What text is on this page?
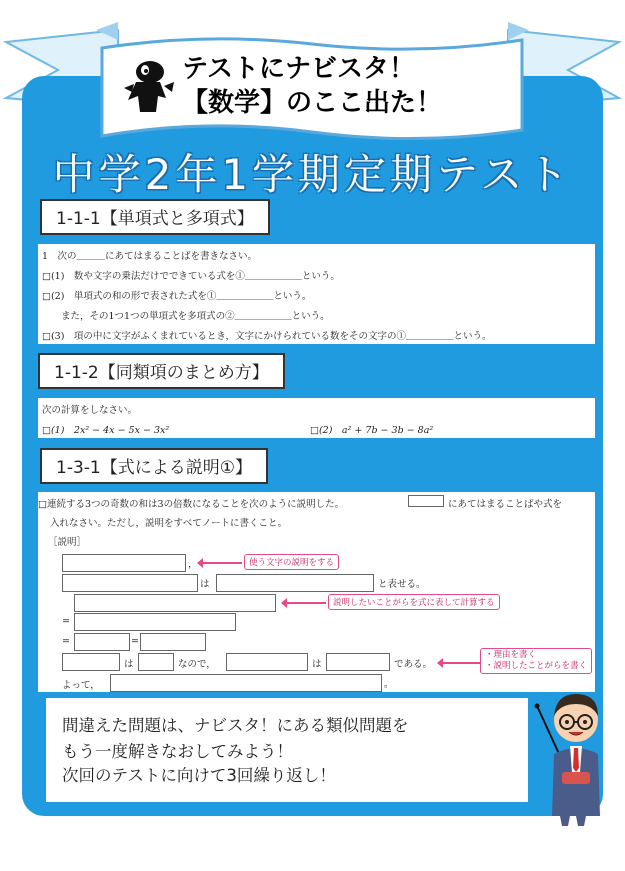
テストにナビスタ！
【数学】のここ出た！
中学2年1学期定期テスト
1-1-1【単項式と多項式】
1　次の＿＿＿にあてはまることばを書きなさい。
□(1)　数や文字の乗法だけでできている式を①＿＿＿＿＿＿という。
□(2)　単項式の和の形で表された式を①＿＿＿＿＿＿という。
　　また，その1つ1つの単項式を多項式の②＿＿＿＿＿＿という。
□(3)　項の中に文字がふくまれているとき，文字にかけられている数をその文字の①＿＿＿＿＿という。
1-1-2【同類項のまとめ方】
次の計算をしなさい。
□(1)　2x² − 4x − 5x − 3x²	□(2)　a² + 7b − 3b − 8a²
1-3-1【式による説明①】
□連続する3つの奇数の和は3の倍数になることを次のように説明した。	にあてはまることばや式を
入れなさい。ただし，説明をすべてノートに書くこと。
［説明］
，	使う文字の説明をする
は	と表せる。
説明したいことがらを式に表して計算する
=
=	=
は	なので，	は	である。
・理由を書く
・説明したことがらを書く
よって，	。

間違えた問題は、ナビスタ！にある類似問題を

もう一度解きなおしてみよう！

次回のテストに向けて3回繰り返し！
